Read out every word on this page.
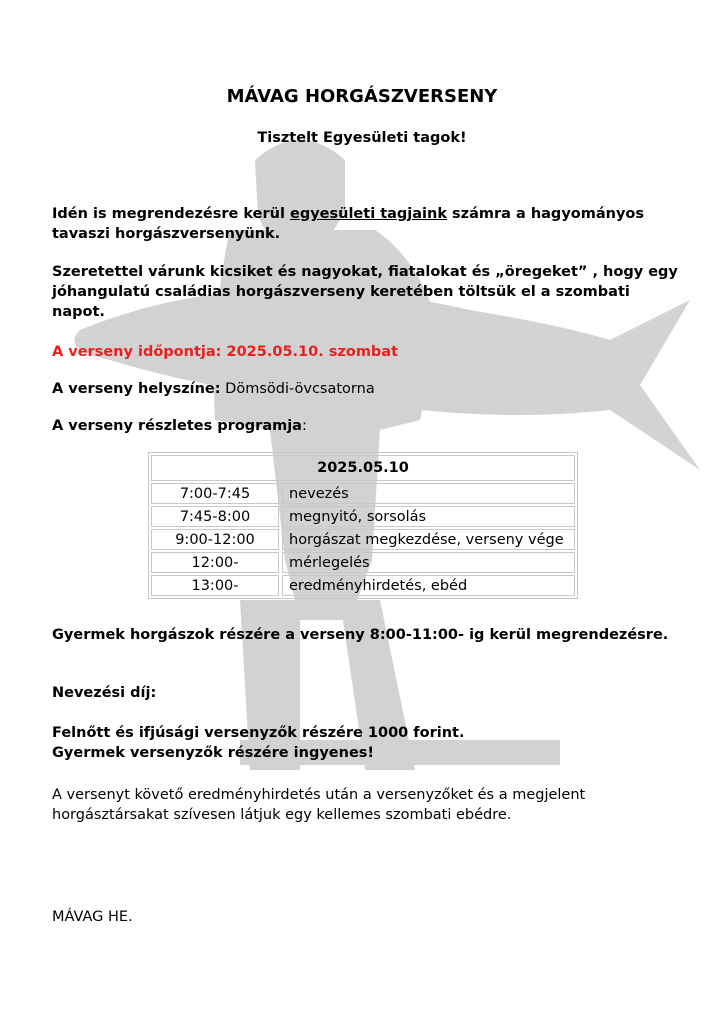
MÁVAG HORGÁSZVERSENY
Tisztelt Egyesületi tagok!
Idén is megrendezésre kerül egyesületi tagjaink számra a hagyományos tavaszi horgászversenyünk.
Szeretettel várunk kicsiket és nagyokat, fiatalokat és „öregeket” , hogy egy jóhangulatú családias horgászverseny keretében töltsük el a szombati napot.
A verseny időpontja: 2025.05.10. szombat
A verseny helyszíne: Dömsödi-övcsatorna
A verseny részletes programja:
2025.05.10
7:00-7:45	nevezés
7:45-8:00	megnyitó, sorsolás
9:00-12:00	horgászat megkezdése, verseny vége
12:00-	mérlegelés
13:00-	eredményhirdetés, ebéd
Gyermek horgászok részére a verseny 8:00-11:00- ig kerül megrendezésre.
Nevezési díj:
Felnőtt és ifjúsági versenyzők részére 1000 forint.
Gyermek versenyzők részére ingyenes!
A versenyt követő eredményhirdetés után a versenyzőket és a megjelent horgásztársakat szívesen látjuk egy kellemes szombati ebédre.
MÁVAG HE.
